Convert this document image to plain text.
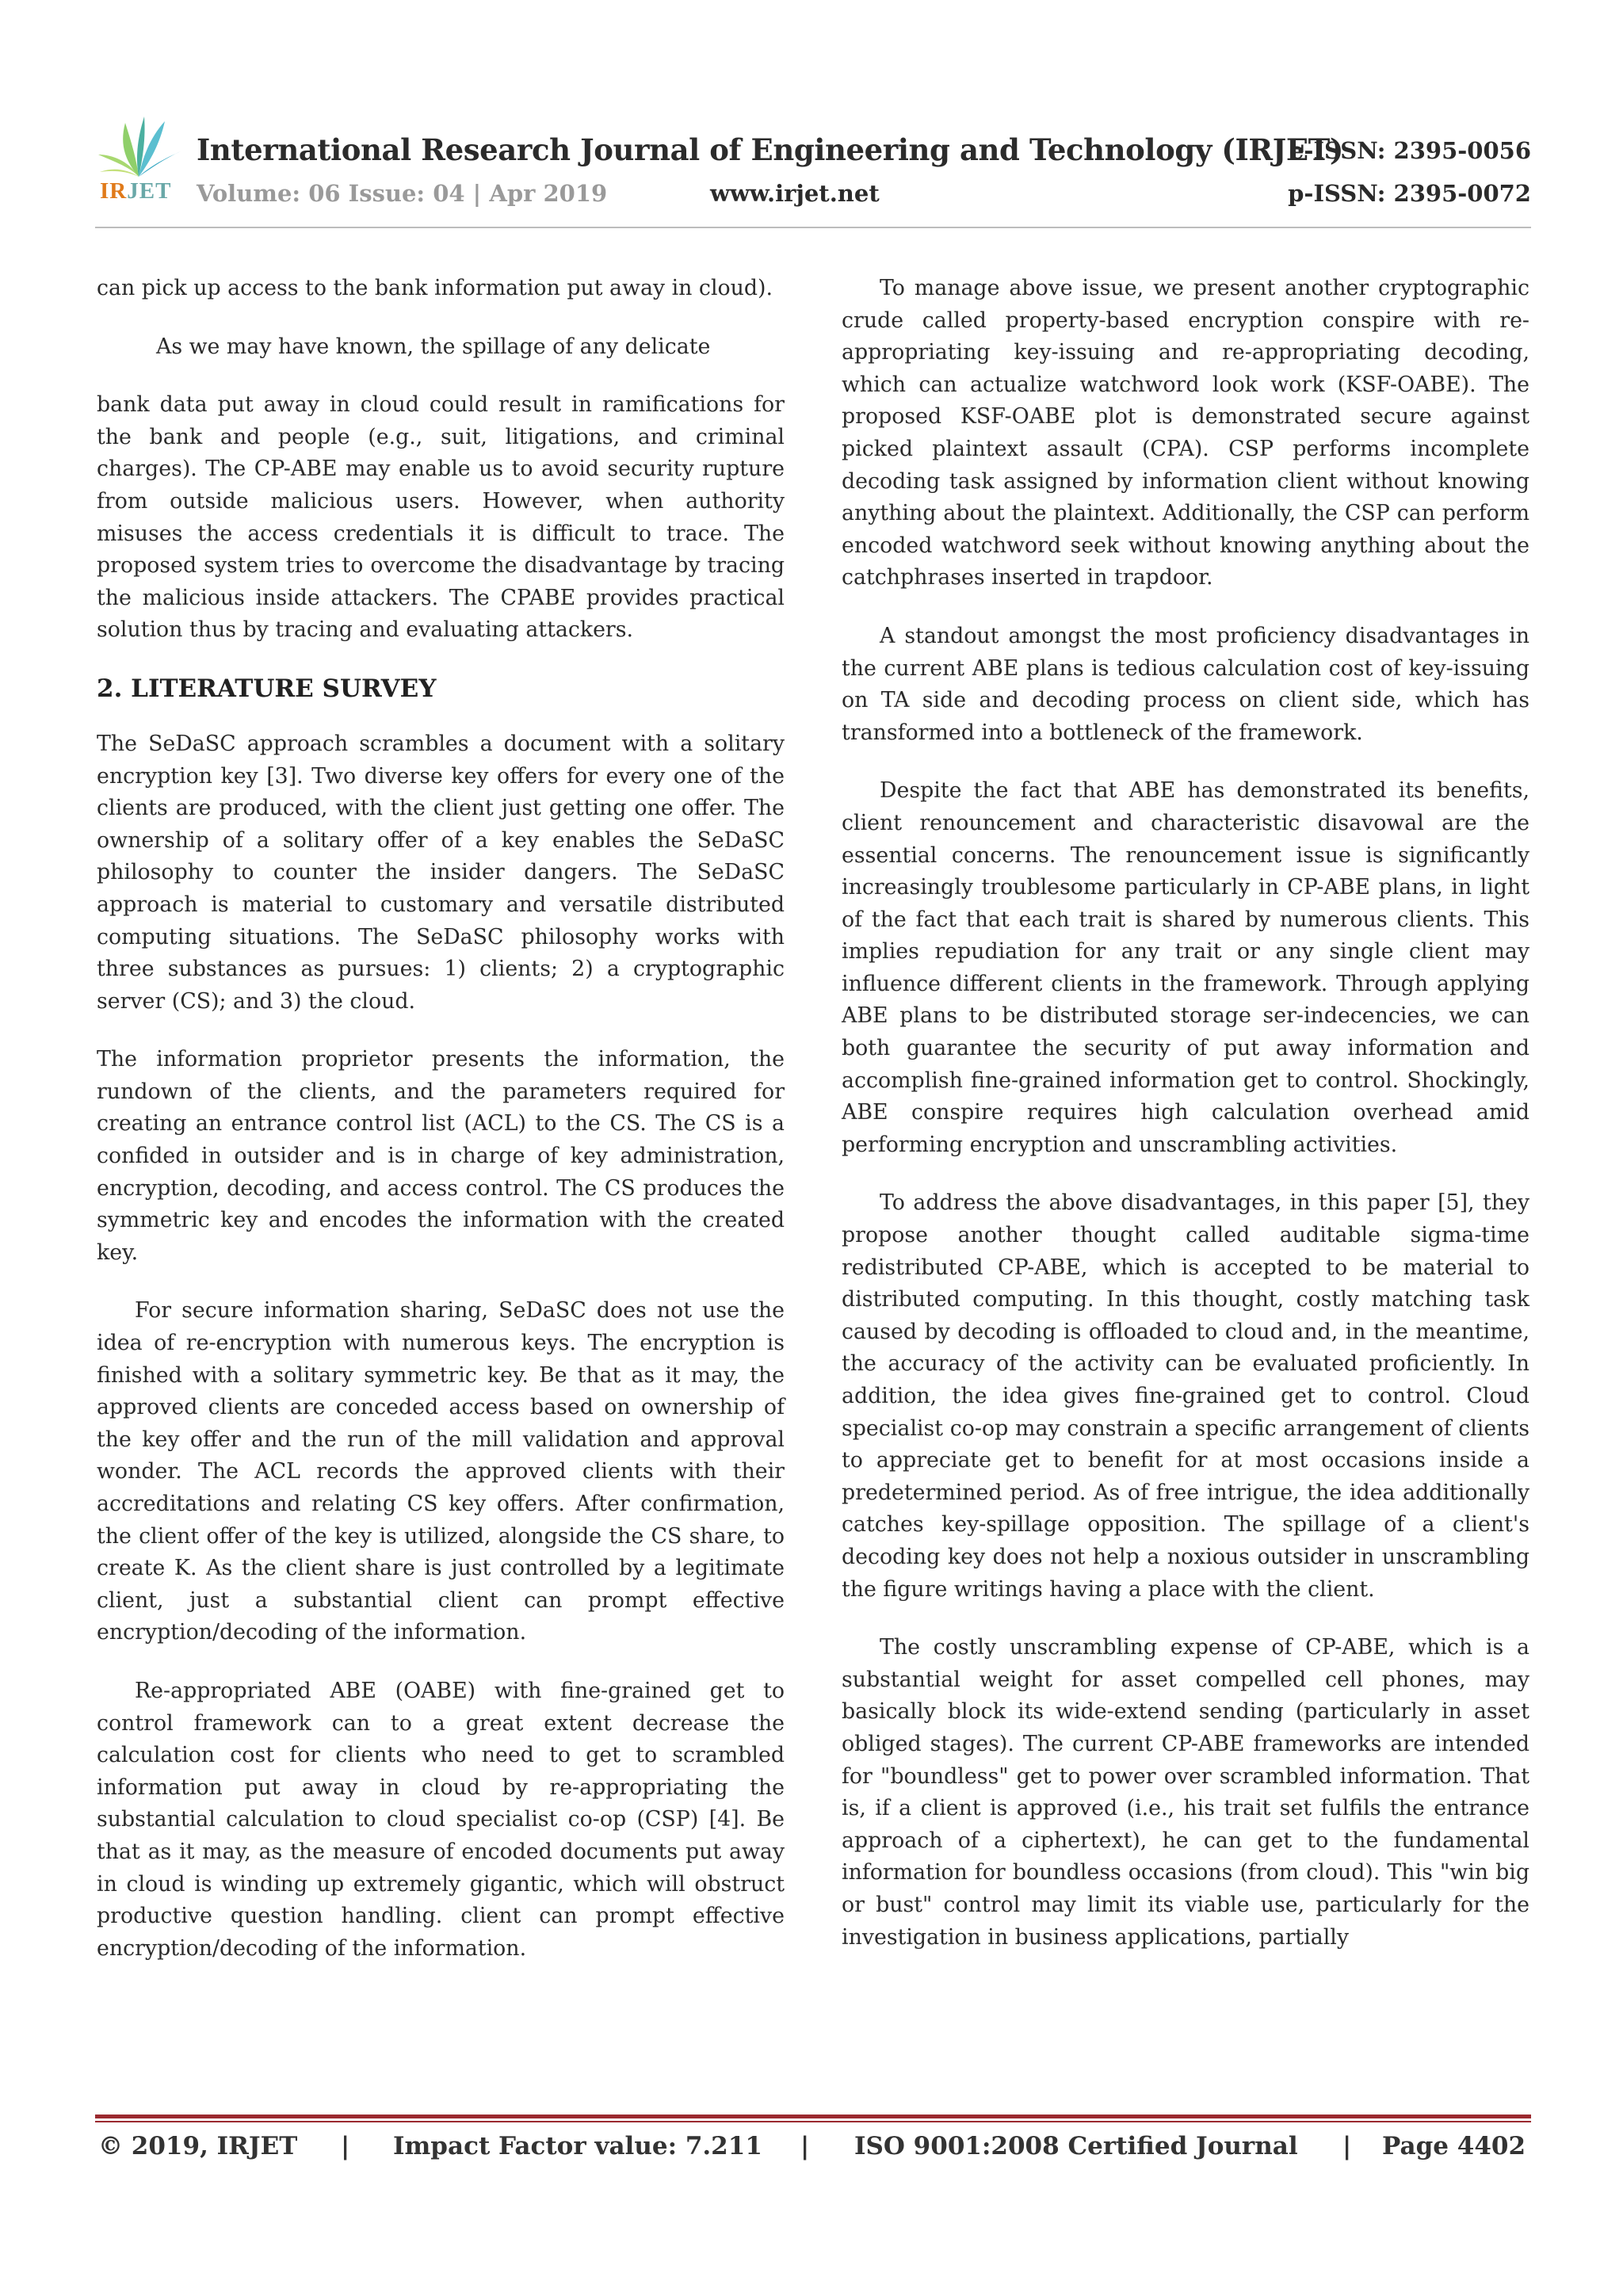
IRJET
International Research Journal of Engineering and Technology (IRJET)
Volume: 06 Issue: 04 | Apr 2019	www.irjet.net
e-ISSN: 2395-0056
p-ISSN: 2395-0072

can pick up access to the bank information put away in cloud).

As we may have known, the spillage of any delicate

bank data put away in cloud could result in ramifications for the bank and people (e.g., suit, litigations, and criminal charges). The CP-ABE may enable us to avoid security rupture from outside malicious users. However, when authority misuses the access credentials it is difficult to trace. The proposed system tries to overcome the disadvantage by tracing the malicious inside attackers. The CPABE provides practical solution thus by tracing and evaluating attackers.

2. LITERATURE SURVEY

The SeDaSC approach scrambles a document with a solitary encryption key [3]. Two diverse key offers for every one of the clients are produced, with the client just getting one offer. The ownership of a solitary offer of a key enables the SeDaSC philosophy to counter the insider dangers. The SeDaSC approach is material to customary and versatile distributed computing situations. The SeDaSC philosophy works with three substances as pursues: 1) clients; 2) a cryptographic server (CS); and 3) the cloud.

The information proprietor presents the information, the rundown of the clients, and the parameters required for creating an entrance control list (ACL) to the CS. The CS is a confided in outsider and is in charge of key administration, encryption, decoding, and access control. The CS produces the symmetric key and encodes the information with the created key.

For secure information sharing, SeDaSC does not use the idea of re-encryption with numerous keys. The encryption is finished with a solitary symmetric key. Be that as it may, the approved clients are conceded access based on ownership of the key offer and the run of the mill validation and approval wonder. The ACL records the approved clients with their accreditations and relating CS key offers. After confirmation, the client offer of the key is utilized, alongside the CS share, to create K. As the client share is just controlled by a legitimate client, just a substantial client can prompt effective encryption/decoding of the information.

Re-appropriated ABE (OABE) with fine-grained get to control framework can to a great extent decrease the calculation cost for clients who need to get to scrambled information put away in cloud by re-appropriating the substantial calculation to cloud specialist co-op (CSP) [4]. Be that as it may, as the measure of encoded documents put away in cloud is winding up extremely gigantic, which will obstruct productive question handling. client can prompt effective encryption/decoding of the information.

To manage above issue, we present another cryptographic crude called property-based encryption conspire with re-appropriating key-issuing and re-appropriating decoding, which can actualize watchword look work (KSF-OABE). The proposed KSF-OABE plot is demonstrated secure against picked plaintext assault (CPA). CSP performs incomplete decoding task assigned by information client without knowing anything about the plaintext. Additionally, the CSP can perform encoded watchword seek without knowing anything about the catchphrases inserted in trapdoor.

A standout amongst the most proficiency disadvantages in the current ABE plans is tedious calculation cost of key-issuing on TA side and decoding process on client side, which has transformed into a bottleneck of the framework.

Despite the fact that ABE has demonstrated its benefits, client renouncement and characteristic disavowal are the essential concerns. The renouncement issue is significantly increasingly troublesome particularly in CP-ABE plans, in light of the fact that each trait is shared by numerous clients. This implies repudiation for any trait or any single client may influence different clients in the framework. Through applying ABE plans to be distributed storage ser-indecencies, we can both guarantee the security of put away information and accomplish fine-grained information get to control. Shockingly, ABE conspire requires high calculation overhead amid performing encryption and unscrambling activities.

To address the above disadvantages, in this paper [5], they propose another thought called auditable sigma-time redistributed CP-ABE, which is accepted to be material to distributed computing. In this thought, costly matching task caused by decoding is offloaded to cloud and, in the meantime, the accuracy of the activity can be evaluated proficiently. In addition, the idea gives fine-grained get to control. Cloud specialist co-op may constrain a specific arrangement of clients to appreciate get to benefit for at most occasions inside a predetermined period. As of free intrigue, the idea additionally catches key-spillage opposition. The spillage of a client's decoding key does not help a noxious outsider in unscrambling the figure writings having a place with the client.

The costly unscrambling expense of CP-ABE, which is a substantial weight for asset compelled cell phones, may basically block its wide-extend sending (particularly in asset obliged stages). The current CP-ABE frameworks are intended for "boundless" get to power over scrambled information. That is, if a client is approved (i.e., his trait set fulfils the entrance approach of a ciphertext), he can get to the fundamental information for boundless occasions (from cloud). This "win big or bust" control may limit its viable use, particularly for the investigation in business applications, partially

© 2019, IRJET | Impact Factor value: 7.211 | ISO 9001:2008 Certified Journal | Page 4402
